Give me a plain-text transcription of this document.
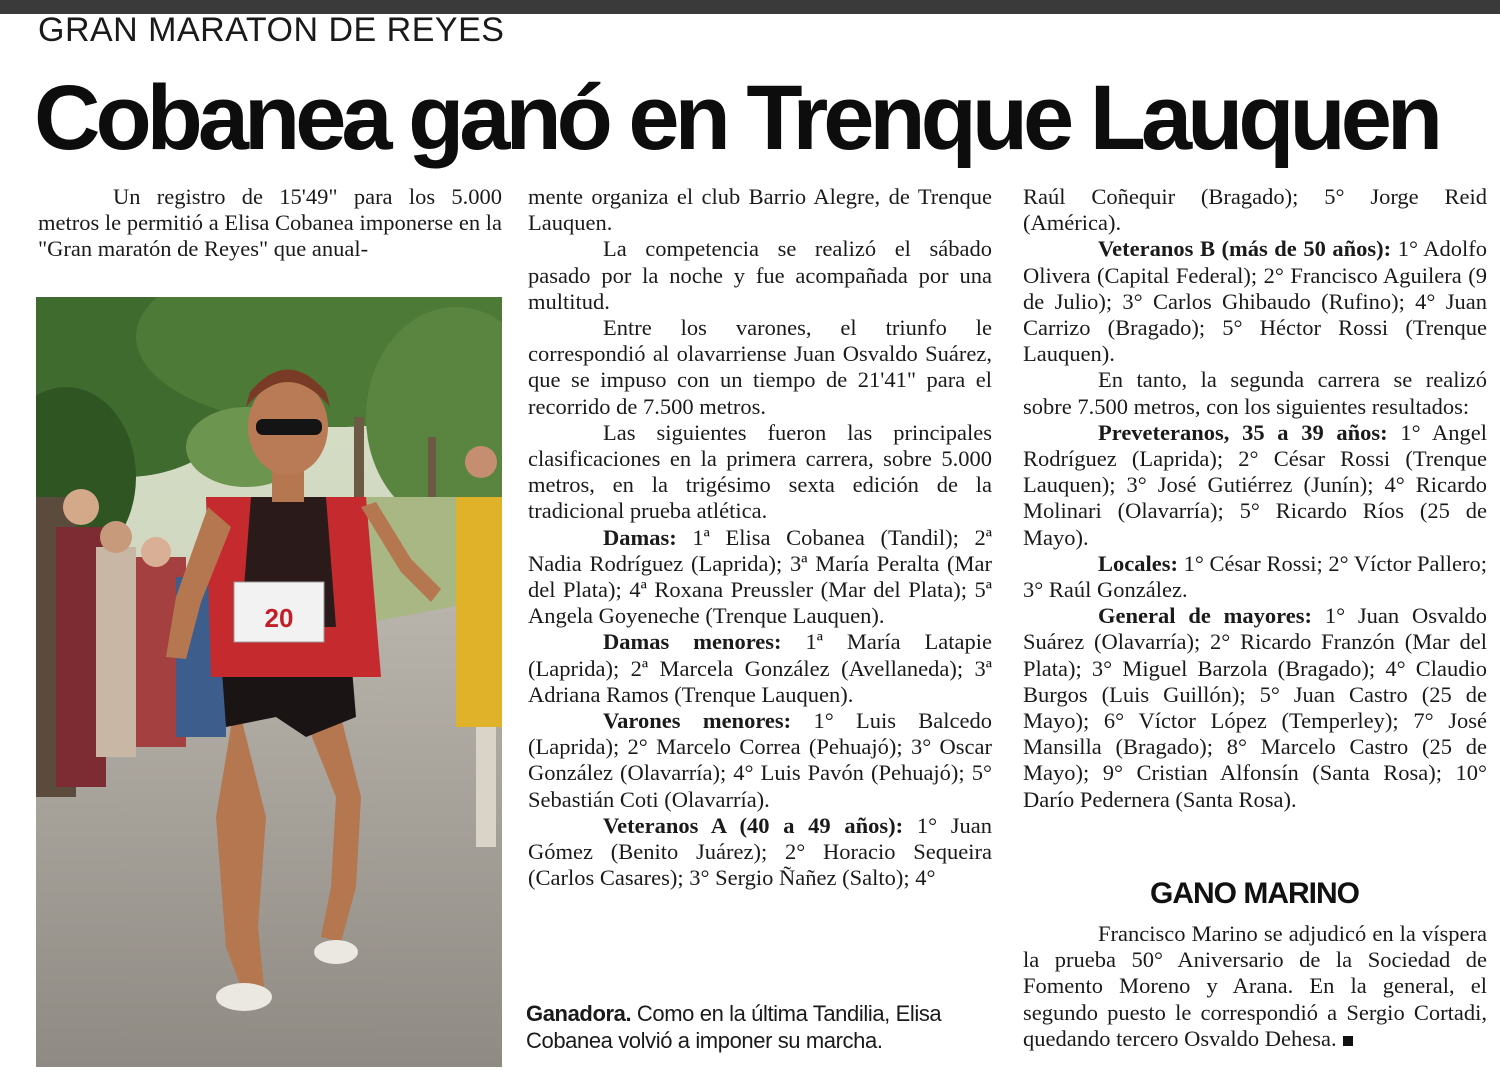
GRAN MARATON DE REYES
Cobanea ganó en Trenque Lauquen

Un registro de 15'49" para los 5.000 metros le permitió a Elisa Cobanea imponerse en la "Gran maratón de Reyes" que anual-

20

mente organiza el club Barrio Alegre, de Trenque Lauquen.

La competencia se realizó el sábado pasado por la noche y fue acompañada por una multitud.

Entre los varones, el triunfo le correspondió al olavarriense Juan Osvaldo Suárez, que se impuso con un tiempo de 21'41" para el recorrido de 7.500 metros.

Las siguientes fueron las principales clasificaciones en la primera carrera, sobre 5.000 metros, en la trigésimo sexta edición de la tradicional prueba atlética.

Damas: 1ª Elisa Cobanea (Tandil); 2ª Nadia Rodríguez (Laprida); 3ª María Peralta (Mar del Plata); 4ª Roxana Preussler (Mar del Plata); 5ª Angela Goyeneche (Trenque Lauquen).

Damas menores: 1ª María Latapie (Laprida); 2ª Marcela González (Avellaneda); 3ª Adriana Ramos (Trenque Lauquen).

Varones menores: 1° Luis Balcedo (Laprida); 2° Marcelo Correa (Pehuajó); 3° Oscar González (Olavarría); 4° Luis Pavón (Pehuajó); 5° Sebastián Coti (Olavarría).

Veteranos A (40 a 49 años): 1° Juan Gómez (Benito Juárez); 2° Horacio Sequeira (Carlos Casares); 3° Sergio Ñañez (Salto); 4°

Ganadora. Como en la última Tandilia, Elisa Cobanea volvió a imponer su marcha.

Raúl Coñequir (Bragado); 5° Jorge Reid (América).

Veteranos B (más de 50 años): 1° Adolfo Olivera (Capital Federal); 2° Francisco Aguilera (9 de Julio); 3° Carlos Ghibaudo (Rufino); 4° Juan Carrizo (Bragado); 5° Héctor Rossi (Trenque Lauquen).

En tanto, la segunda carrera se realizó sobre 7.500 metros, con los siguientes resultados:

Preveteranos, 35 a 39 años: 1° Angel Rodríguez (Laprida); 2° César Rossi (Trenque Lauquen); 3° José Gutiérrez (Junín); 4° Ricardo Molinari (Olavarría); 5° Ricardo Ríos (25 de Mayo).

Locales: 1° César Rossi; 2° Víctor Pallero; 3° Raúl González.

General de mayores: 1° Juan Osvaldo Suárez (Olavarría); 2° Ricardo Franzón (Mar del Plata); 3° Miguel Barzola (Bragado); 4° Claudio Burgos (Luis Guillón); 5° Juan Castro (25 de Mayo); 6° Víctor López (Temperley); 7° José Mansilla (Bragado); 8° Marcelo Castro (25 de Mayo); 9° Cristian Alfonsín (Santa Rosa); 10° Darío Pedernera (Santa Rosa).

GANO MARINO

Francisco Marino se adjudicó en la víspera la prueba 50° Aniversario de la Sociedad de Fomento Moreno y Arana. En la general, el segundo puesto le correspondió a Sergio Cortadi, quedando tercero Osvaldo Dehesa.
